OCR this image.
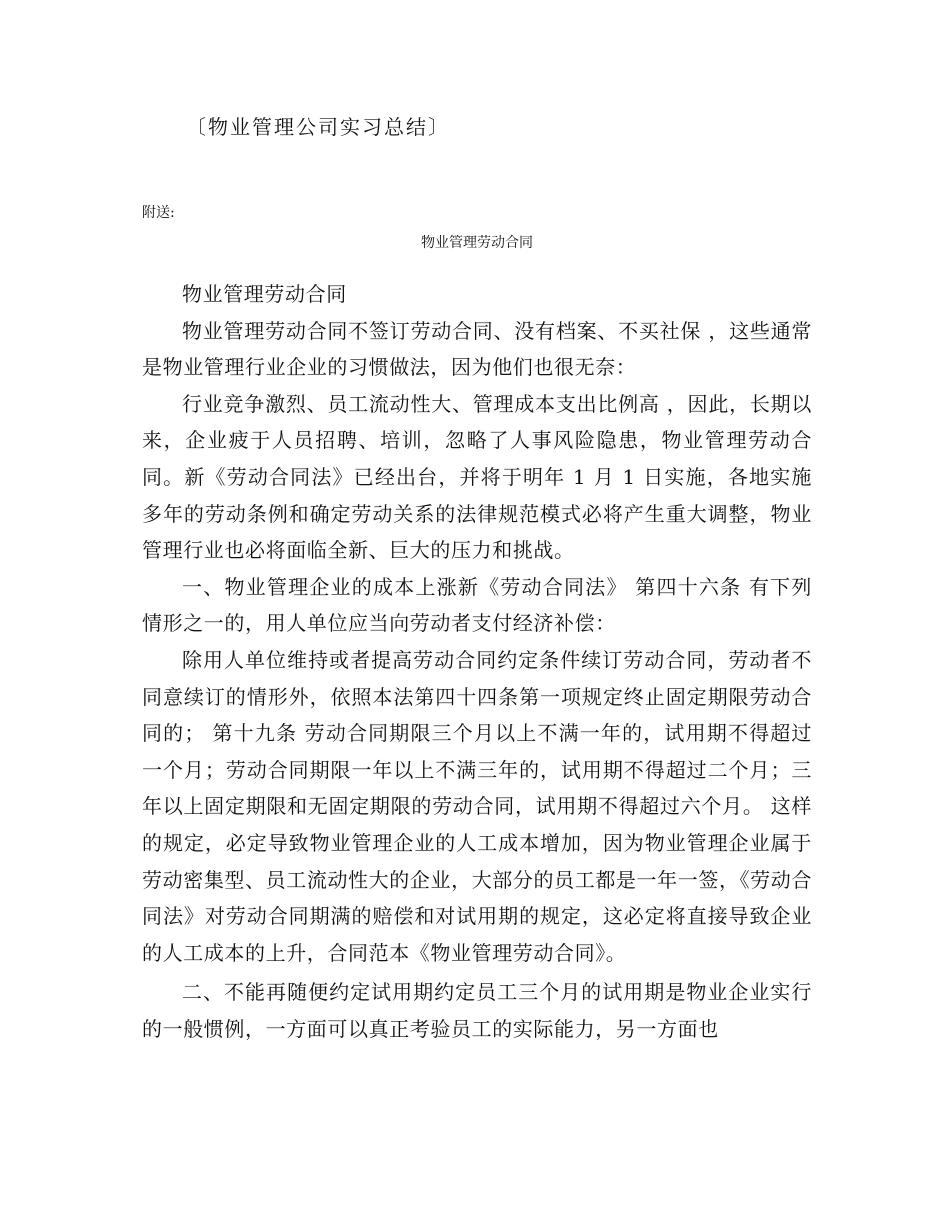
〔物业管理公司实习总结〕
附送:
物业管理劳动合同

物业管理劳动合同

物业管理劳动合同不签订劳动合同、没有档案、不买社保 ，这些通常是物业管理行业企业的习惯做法，因为他们也很无奈：

行业竞争激烈、员工流动性大、管理成本支出比例高 ，因此，长期以来，企业疲于人员招聘、培训，忽略了人事风险隐患，物业管理劳动合同。新《劳动合同法》已经出台，并将于明年 1 月 1 日实施，各地实施多年的劳动条例和确定劳动关系的法律规范模式必将产生重大调整，物业管理行业也必将面临全新、巨大的压力和挑战。

一、物业管理企业的成本上涨新《劳动合同法》 第四十六条 有下列情形之一的，用人单位应当向劳动者支付经济补偿：

除用人单位维持或者提高劳动合同约定条件续订劳动合同，劳动者不同意续订的情形外，依照本法第四十四条第一项规定终止固定期限劳动合同的； 第十九条 劳动合同期限三个月以上不满一年的，试用期不得超过一个月；劳动合同期限一年以上不满三年的，试用期不得超过二个月；三年以上固定期限和无固定期限的劳动合同，试用期不得超过六个月。 这样的规定，必定导致物业管理企业的人工成本增加，因为物业管理企业属于劳动密集型、员工流动性大的企业，大部分的员工都是一年一签，《劳动合同法》对劳动合同期满的赔偿和对试用期的规定，这必定将直接导致企业的人工成本的上升，合同范本《物业管理劳动合同》。

二、不能再随便约定试用期约定员工三个月的试用期是物业企业实行的一般惯例，一方面可以真正考验员工的实际能力，另一方面也
